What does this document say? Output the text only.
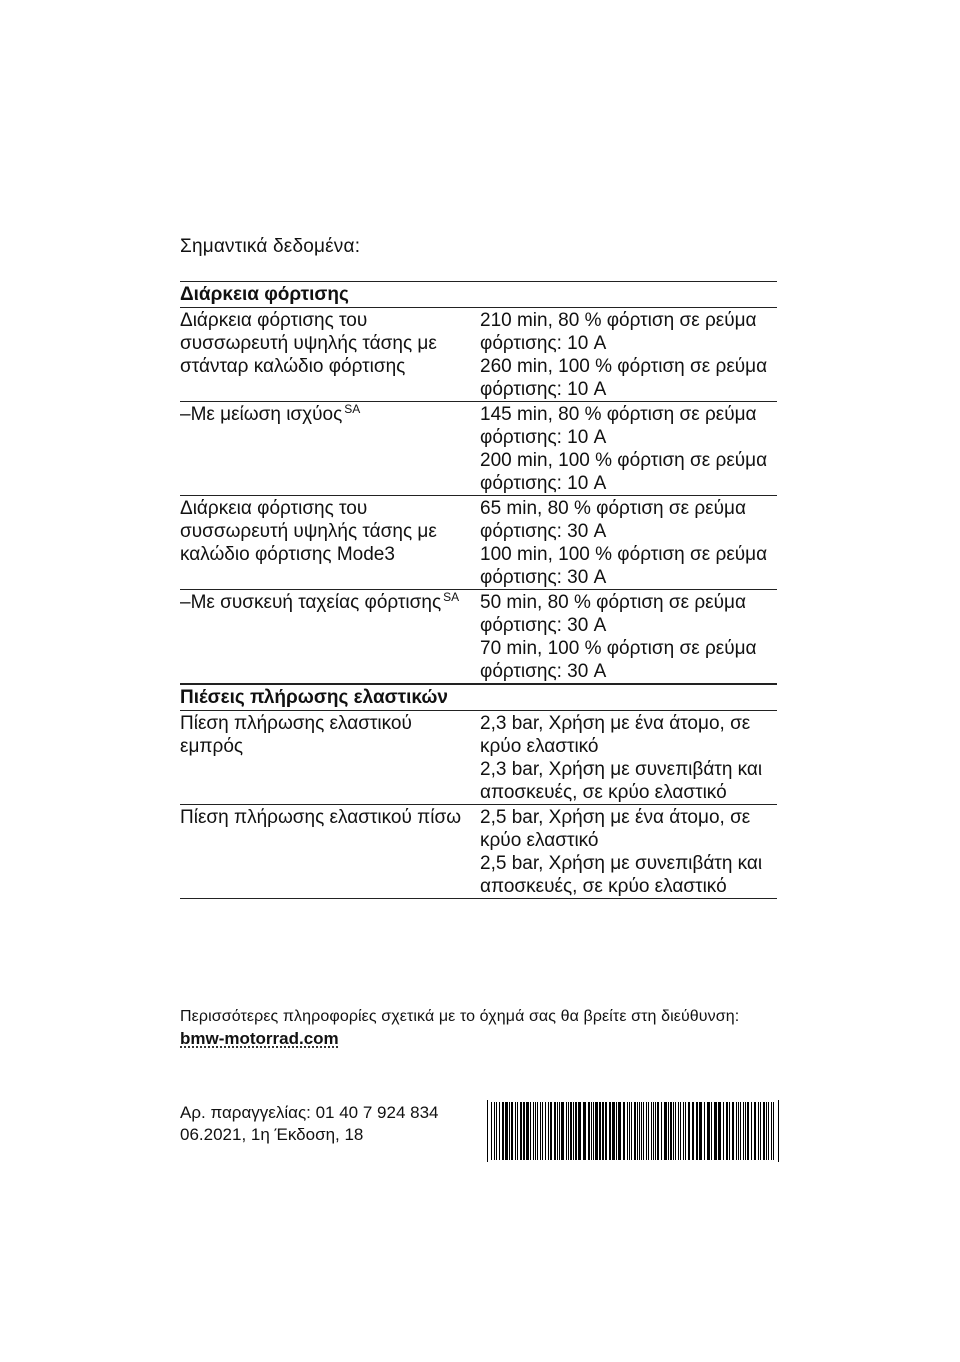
Σημαντικά δεδομένα:
Διάρκεια φόρτισης
Διάρκεια φόρτισης του συσσωρευτή υψηλής τάσης με στάνταρ καλώδιο φόρτισης
210 min, 80 % φόρτιση σε ρεύμα φόρτισης: 10 A
260 min, 100 % φόρτιση σε ρεύμα φόρτισης: 10 A
–Με μείωση ισχύος $^{SA}$	145 min, 80 % φόρτιση σε ρεύμα φόρτισης: 10 A
200 min, 100 % φόρτιση σε ρεύμα φόρτισης: 10 A
Διάρκεια φόρτισης του συσσωρευτή υψηλής τάσης με καλώδιο φόρτισης Mode3
65 min, 80 % φόρτιση σε ρεύμα φόρτισης: 30 A
100 min, 100 % φόρτιση σε ρεύμα φόρτισης: 30 A
–Με συσκευή ταχείας φόρτισης $^{SA}$	50 min, 80 % φόρτιση σε ρεύμα φόρτισης: 30 A
70 min, 100 % φόρτιση σε ρεύμα φόρτισης: 30 A
Πιέσεις πλήρωσης ελαστικών
Πίεση πλήρωσης ελαστικού εμπρός
2,3 bar, Χρήση με ένα άτομο, σε κρύο ελαστικό
2,3 bar, Χρήση με συνεπιβάτη και αποσκευές, σε κρύο ελαστικό
Πίεση πλήρωσης ελαστικού πίσω 2,5 bar, Χρήση με ένα άτομο, σε κρύο ελαστικό
2,5 bar, Χρήση με συνεπιβάτη και αποσκευές, σε κρύο ελαστικό
Περισσότερες πληροφορίες σχετικά με το όχημά σας θα βρείτε στη διεύθυνση:
bmw-motorrad.com
Αρ. παραγγελίας: 01 40 7 924 834
06.2021, 1η Έκδοση, 18
